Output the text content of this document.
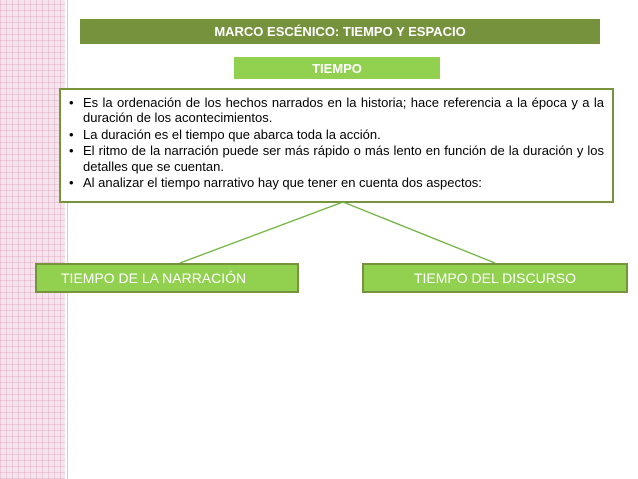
MARCO ESCÉNICO: TIEMPO Y ESPACIO
TIEMPO
• Es la ordenación de los hechos narrados en la historia; hace referencia a la época y a la duración de los acontecimientos.
• La duración es el tiempo que abarca toda la acción.
• El ritmo de la narración puede ser más rápido o más lento en función de la duración y los detalles que se cuentan.
• Al analizar el tiempo narrativo hay que tener en cuenta dos aspectos:
TIEMPO DE LA NARRACIÓN	TIEMPO DEL DISCURSO
